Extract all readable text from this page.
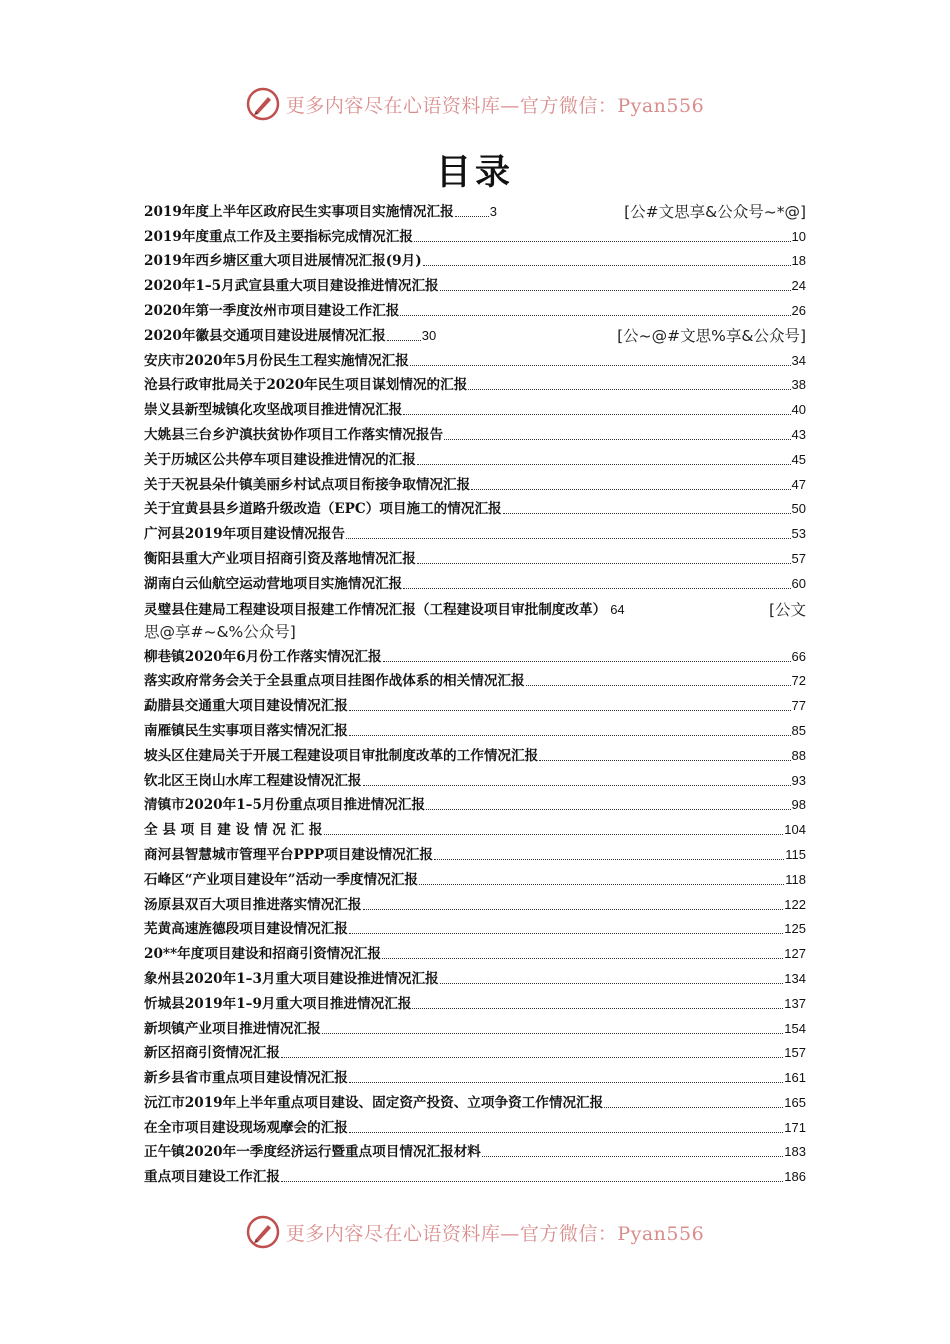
更多内容尽在心语资料库—官方微信：Pyan556
目录
2019年度上半年区政府民生实事项目实施情况汇报	3	[公#文思享&公众号~*@]
2019年度重点工作及主要指标完成情况汇报	10
2019年西乡塘区重大项目进展情况汇报(9月)	18
2020年1–5月武宣县重大项目建设推进情况汇报	24
2020年第一季度汝州市项目建设工作汇报	26
2020年徽县交通项目建设进展情况汇报	30	[公~@#文思%享&公众号]
安庆市2020年5月份民生工程实施情况汇报	34
沧县行政审批局关于2020年民生项目谋划情况的汇报	38
崇义县新型城镇化攻坚战项目推进情况汇报	40
大姚县三台乡沪滇扶贫协作项目工作落实情况报告	43
关于历城区公共停车项目建设推进情况的汇报	45
关于天祝县朵什镇美丽乡村试点项目衔接争取情况汇报	47
关于宜黄县县乡道路升级改造（EPC）项目施工的情况汇报	50
广河县2019年项目建设情况报告	53
衡阳县重大产业项目招商引资及落地情况汇报	57
湖南白云仙航空运动营地项目实施情况汇报	60
灵璧县住建局工程建设项目报建工作情况汇报（工程建设项目审批制度改革） 64	[公文
思@享#~&%公众号]
柳巷镇2020年6月份工作落实情况汇报	66
落实政府常务会关于全县重点项目挂图作战体系的相关情况汇报	72
勐腊县交通重大项目建设情况汇报	77
南雁镇民生实事项目落实情况汇报	85
坡头区住建局关于开展工程建设项目审批制度改革的工作情况汇报	88
钦北区王岗山水库工程建设情况汇报	93
清镇市2020年1–5月份重点项目推进情况汇报	98
全 县 项 目 建 设 情 况 汇 报	104
商河县智慧城市管理平台PPP项目建设情况汇报	115
石峰区“产业项目建设年”活动一季度情况汇报	118
汤原县双百大项目推进落实情况汇报	122
芜黄高速旌德段项目建设情况汇报	125
20**年度项目建设和招商引资情况汇报	127
象州县2020年1–3月重大项目建设推进情况汇报	134
忻城县2019年1–9月重大项目推进情况汇报	137
新坝镇产业项目推进情况汇报	154
新区招商引资情况汇报	157
新乡县省市重点项目建设情况汇报	161
沅江市2019年上半年重点项目建设、固定资产投资、立项争资工作情况汇报	165
在全市项目建设现场观摩会的汇报	171
正午镇2020年一季度经济运行暨重点项目情况汇报材料	183
重点项目建设工作汇报	186
更多内容尽在心语资料库—官方微信：Pyan556
